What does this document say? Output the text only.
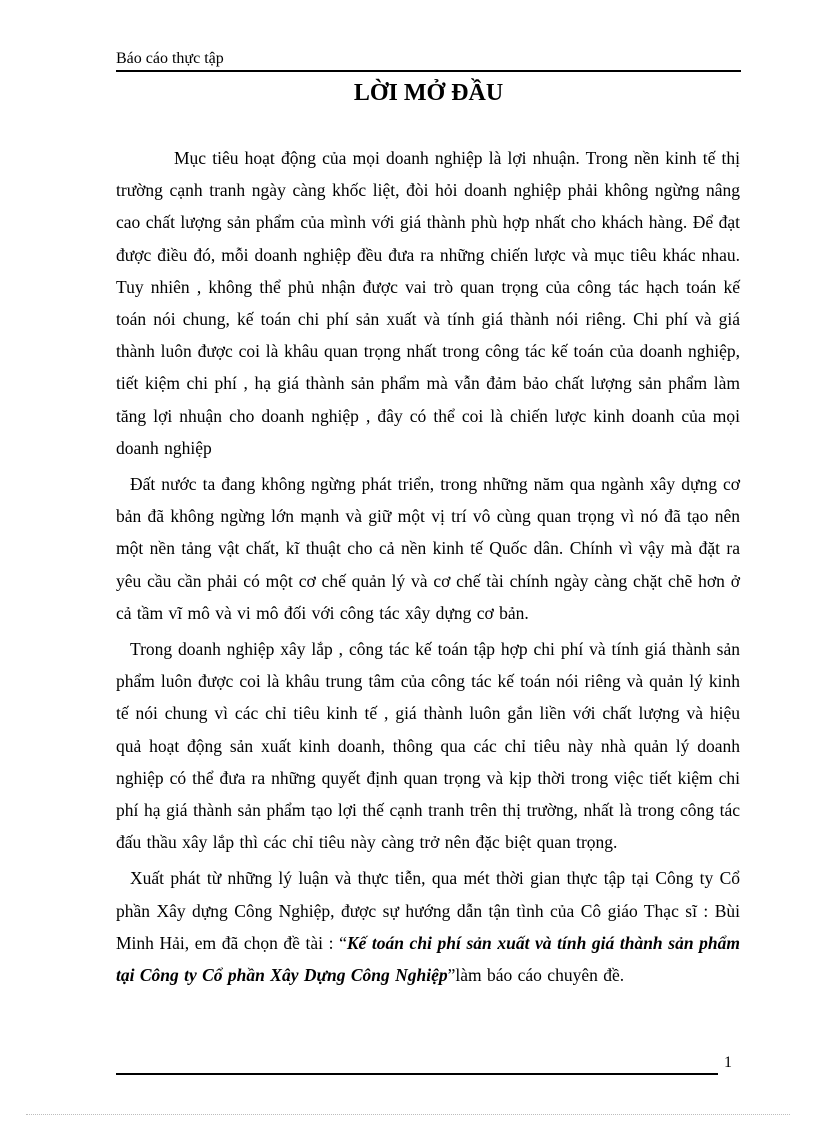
Báo cáo thực tập
LỜI MỞ ĐẦU

Mục tiêu hoạt động của mọi doanh nghiệp là lợi nhuận. Trong nền kinh tế thị trường cạnh tranh ngày càng khốc liệt, đòi hỏi doanh nghiệp phải không ngừng nâng cao chất lượng sản phẩm của mình với giá thành phù hợp nhất cho khách hàng. Để đạt được điều đó, mỗi doanh nghiệp đều đưa ra những chiến lược và mục tiêu khác nhau. Tuy nhiên , không thể phủ nhận được vai trò quan trọng của công tác hạch toán kế toán nói chung, kế toán chi phí sản xuất và tính giá thành nói riêng. Chi phí và giá thành luôn được coi là khâu quan trọng nhất trong công tác kế toán của doanh nghiệp, tiết kiệm chi phí , hạ giá thành sản phẩm mà vẫn đảm bảo chất lượng sản phẩm làm tăng lợi nhuận cho doanh nghiệp , đây có thể coi là chiến lược kinh doanh của mọi doanh nghiệp

Đất nước ta đang không ngừng phát triển, trong những năm qua ngành xây dựng cơ bản đã không ngừng lớn mạnh và giữ một vị trí vô cùng quan trọng vì nó đã tạo nên một nền tảng vật chất, kĩ thuật cho cả nền kinh tế Quốc dân. Chính vì vậy mà đặt ra yêu cầu cần phải có một cơ chế quản lý và cơ chế tài chính ngày càng chặt chẽ hơn ở cả tầm vĩ mô và vi mô đối với công tác xây dựng cơ bản.

Trong doanh nghiệp xây lắp , công tác kế toán tập hợp chi phí và tính giá thành sản phẩm luôn được coi là khâu trung tâm của công tác kế toán nói riêng và quản lý kinh tế nói chung vì các chỉ tiêu kinh tế , giá thành luôn gắn liền với chất lượng và hiệu quả hoạt động sản xuất kinh doanh, thông qua các chỉ tiêu này nhà quản lý doanh nghiệp có thể đưa ra những quyết định quan trọng và kịp thời trong việc tiết kiệm chi phí hạ giá thành sản phẩm tạo lợi thế cạnh tranh trên thị trường, nhất là trong công tác đấu thầu xây lắp thì các chỉ tiêu này càng trở nên đặc biệt quan trọng.

Xuất phát từ những lý luận và thực tiễn, qua mét thời gian thực tập tại Công ty Cổ phần Xây dựng Công Nghiệp, được sự hướng dẫn tận tình của Cô giáo Thạc sĩ : Bùi Minh Hải, em đã chọn đề tài : “Kế toán chi phí sản xuất và tính giá thành sản phẩm tại Công ty Cổ phần Xây Dựng Công Nghiệp”làm báo cáo chuyên đề.

1
